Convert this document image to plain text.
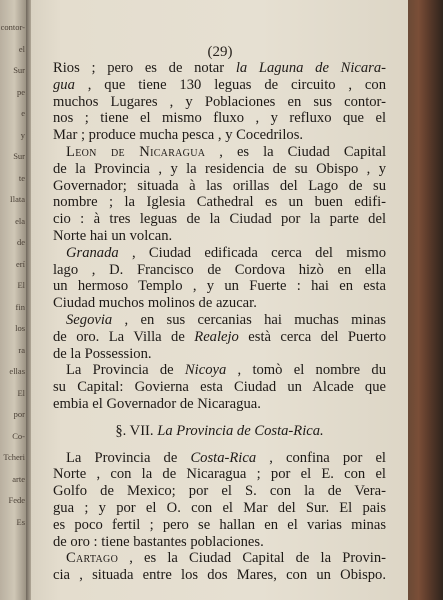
contor-
el
Sur
pe
e
y
Sur
te
Ilata
ela
de
erí
El
fin
los
ra
ellas
El
por
Co-
Tcheri
arte
Fede
Es
(29)
Rios ; pero es de notar la Laguna de Nicara-
gua , que tiene 130 leguas de circuito , con
muchos Lugares , y Poblaciones en sus contor-
nos ; tiene el mismo fluxo , y refluxo que el
Mar ; produce mucha pesca , y Cocedrilos.
Leon de Nicaragua , es la Ciudad Capital
de la Provincia , y la residencia de su Obispo , y
Governador; situada à las orillas del Lago de su
nombre ; la Iglesia Cathedral es un buen edifi-
cio : à tres leguas de la Ciudad por la parte del
Norte hai un volcan.
Granada , Ciudad edificada cerca del mismo
lago , D. Francisco de Cordova hizò en ella
un hermoso Templo , y un Fuerte : hai en esta
Ciudad muchos molinos de azucar.
Segovia , en sus cercanias hai muchas minas
de oro. La Villa de Realejo està cerca del Puerto
de la Possession.
La Provincia de Nicoya , tomò el nombre du
su Capital: Govierna esta Ciudad un Alcade que
embia el Governador de Nicaragua.
§. VII. La Provincia de Costa-Rica.
La Provincia de Costa-Rica , confina por el
Norte , con la de Nicaragua ; por el E. con el
Golfo de Mexico; por el S. con la de Vera-
gua ; y por el O. con el Mar del Sur. El pais
es poco fertil ; pero se hallan en el varias minas
de oro : tiene bastantes poblaciones.
Cartago , es la Ciudad Capital de la Provin-
cia , situada entre los dos Mares, con un Obispo.
